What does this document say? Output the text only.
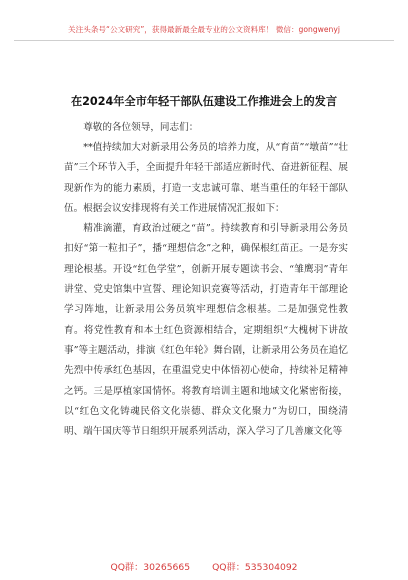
关注头条号“公文研究”，获得最新最全最专业的公文资料库！ 微信：gongwenyj
在2024年全市年轻干部队伍建设工作推进会上的发言

尊敬的各位领导，同志们：

**值持续加大对新录用公务员的培养力度，从“育苗”“墩苗”“壮苗”三个环节入手，全面提升年轻干部适应新时代、奋进新征程、展现新作为的能力素质，打造一支忠诚可靠、堪当重任的年轻干部队伍。根据会议安排现将有关工作进展情况汇报如下：

精准滴灌，育政治过硬之“苗”。持续教育和引导新录用公务员扣好“第一粒扣子”，播“理想信念”之种，确保根红苗正。一是夯实理论根基。开设“红色学堂”，创新开展专题读书会、“雏鹰羽”青年讲堂、党史馆集中宣誓、理论知识竞赛等活动，打造青年干部理论学习阵地，让新录用公务员筑牢理想信念根基。二是加强党性教育。将党性教育和本土红色资源相结合，定期组织“大槐树下讲故事”等主题活动，排演《红色年轮》舞台剧，让新录用公务员在追忆先烈中传承红色基因，在重温党史中体悟初心使命，持续补足精神之钙。三是厚植家国情怀。将教育培训主题和地域文化紧密衔接，以“红色文化铸魂民俗文化崇德、群众文化聚力”为切口，围绕清明、端午国庆等节日组织开展系列活动，深入学习了几善廉文化等

QQ群：30265665 QQ群：535304092
